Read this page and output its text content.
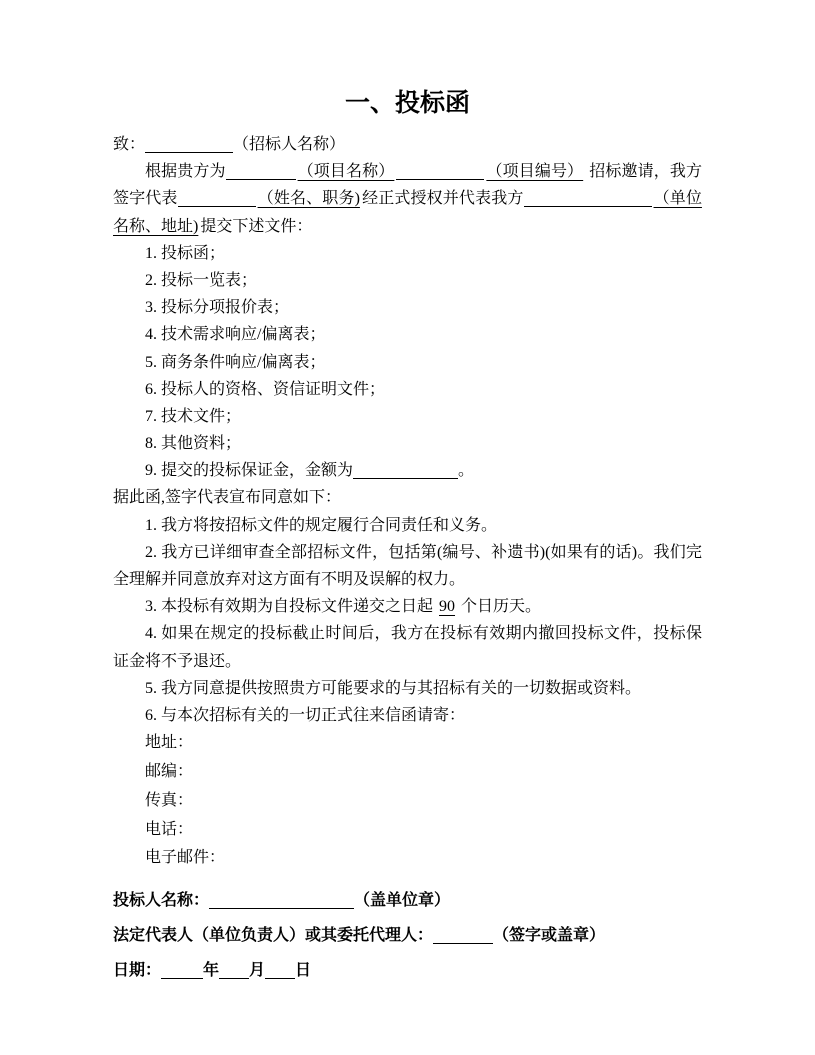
一、投标函

致：	（招标人名称）

根据贵方为	（项目名称）	（项目编号） 招标邀请，我方签字代表	（姓名、职务) 经正式授权并代表我方	（单位名称、地址) 提交下述文件：

1. 投标函；

2. 投标一览表；

3. 投标分项报价表；

4. 技术需求响应/偏离表；

5. 商务条件响应/偏离表；

6. 投标人的资格、资信证明文件；

7. 技术文件；

8. 其他资料；

9. 提交的投标保证金，金额为	。

据此函,签字代表宣布同意如下：

1. 我方将按招标文件的规定履行合同责任和义务。

2. 我方已详细审查全部招标文件，包括第(编号、补遗书)(如果有的话)。我们完全理解并同意放弃对这方面有不明及误解的权力。

3. 本投标有效期为自投标文件递交之日起 90 个日历天。

4. 如果在规定的投标截止时间后，我方在投标有效期内撤回投标文件，投标保证金将不予退还。

5. 我方同意提供按照贵方可能要求的与其招标有关的一切数据或资料。

6. 与本次招标有关的一切正式往来信函请寄：

地址：

邮编：

传真：

电话：

电子邮件：

投标人名称：	（盖单位章）

法定代表人（单位负责人）或其委托代理人：	（签字或盖章）

日期：	年 月 日
